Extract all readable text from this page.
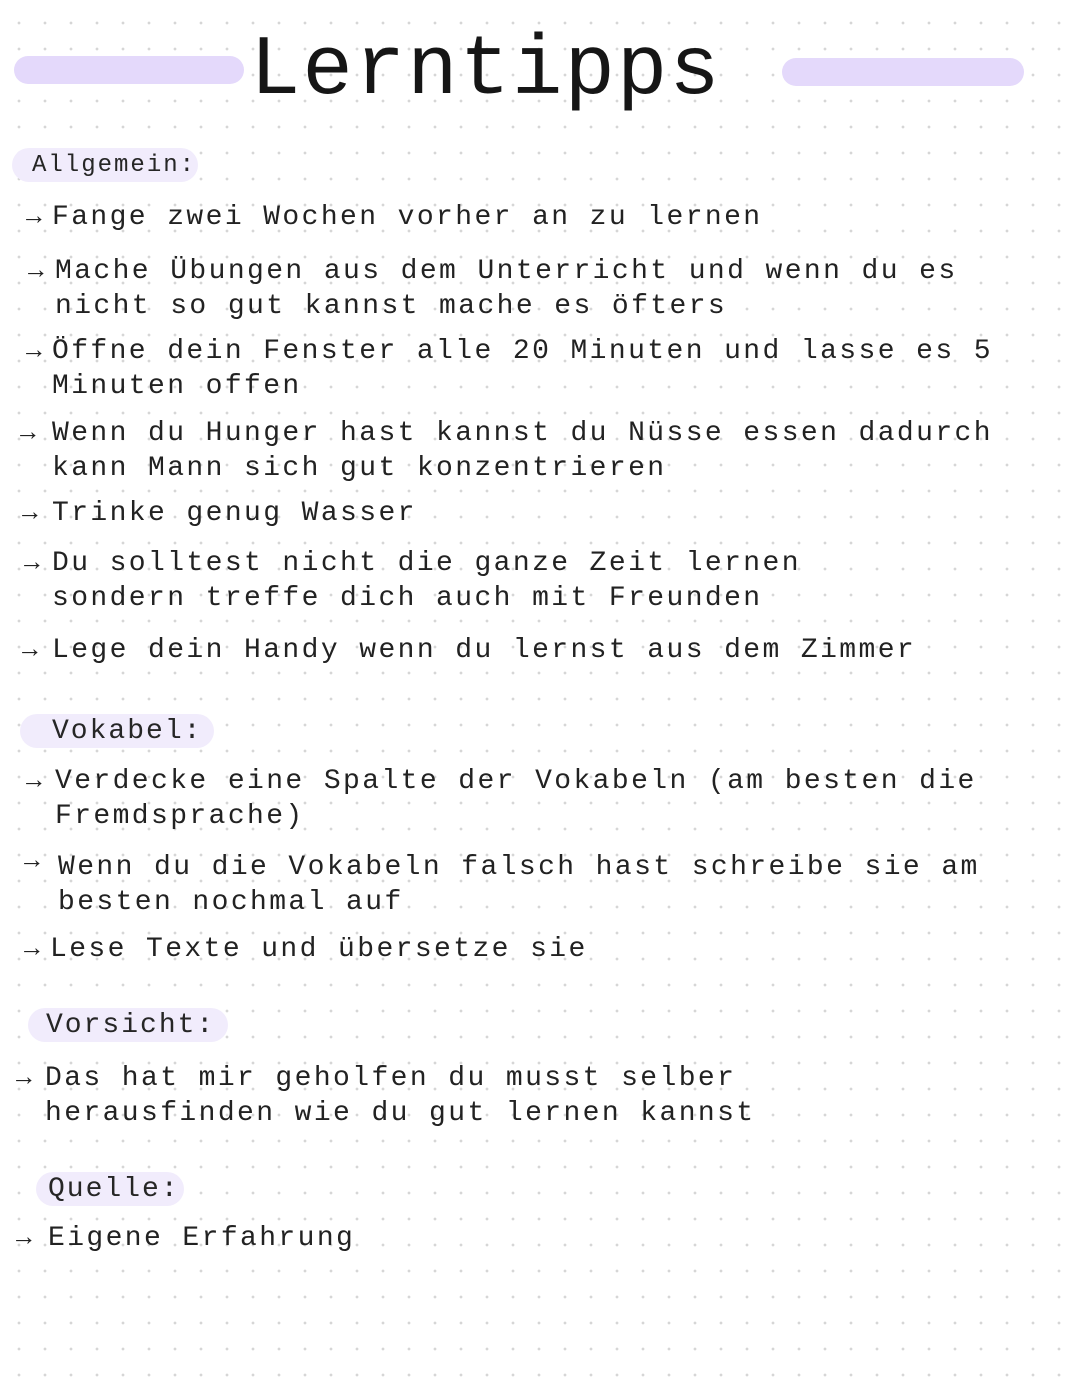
Lerntipps
Allgemein:
→ Fange zwei Wochen vorher an zu lernen
→ Mache Übungen aus dem Unterricht und wenn du es
nicht so gut kannst mache es öfters
→ Öffne dein Fenster alle 20 Minuten und lasse es 5
Minuten offen
→ Wenn du Hunger hast kannst du Nüsse essen dadurch
kann Mann sich gut konzentrieren
→ Trinke genug Wasser
→ Du solltest nicht die ganze Zeit lernen
sondern treffe dich auch mit Freunden
→ Lege dein Handy wenn du lernst aus dem Zimmer
Vokabel:
→ Verdecke eine Spalte der Vokabeln (am besten die
Fremdsprache)
→ Wenn du die Vokabeln falsch hast schreibe sie am
besten nochmal auf
→ Lese Texte und übersetze sie
Vorsicht:
→ Das hat mir geholfen du musst selber
herausfinden wie du gut lernen kannst
Quelle:
→ Eigene Erfahrung
